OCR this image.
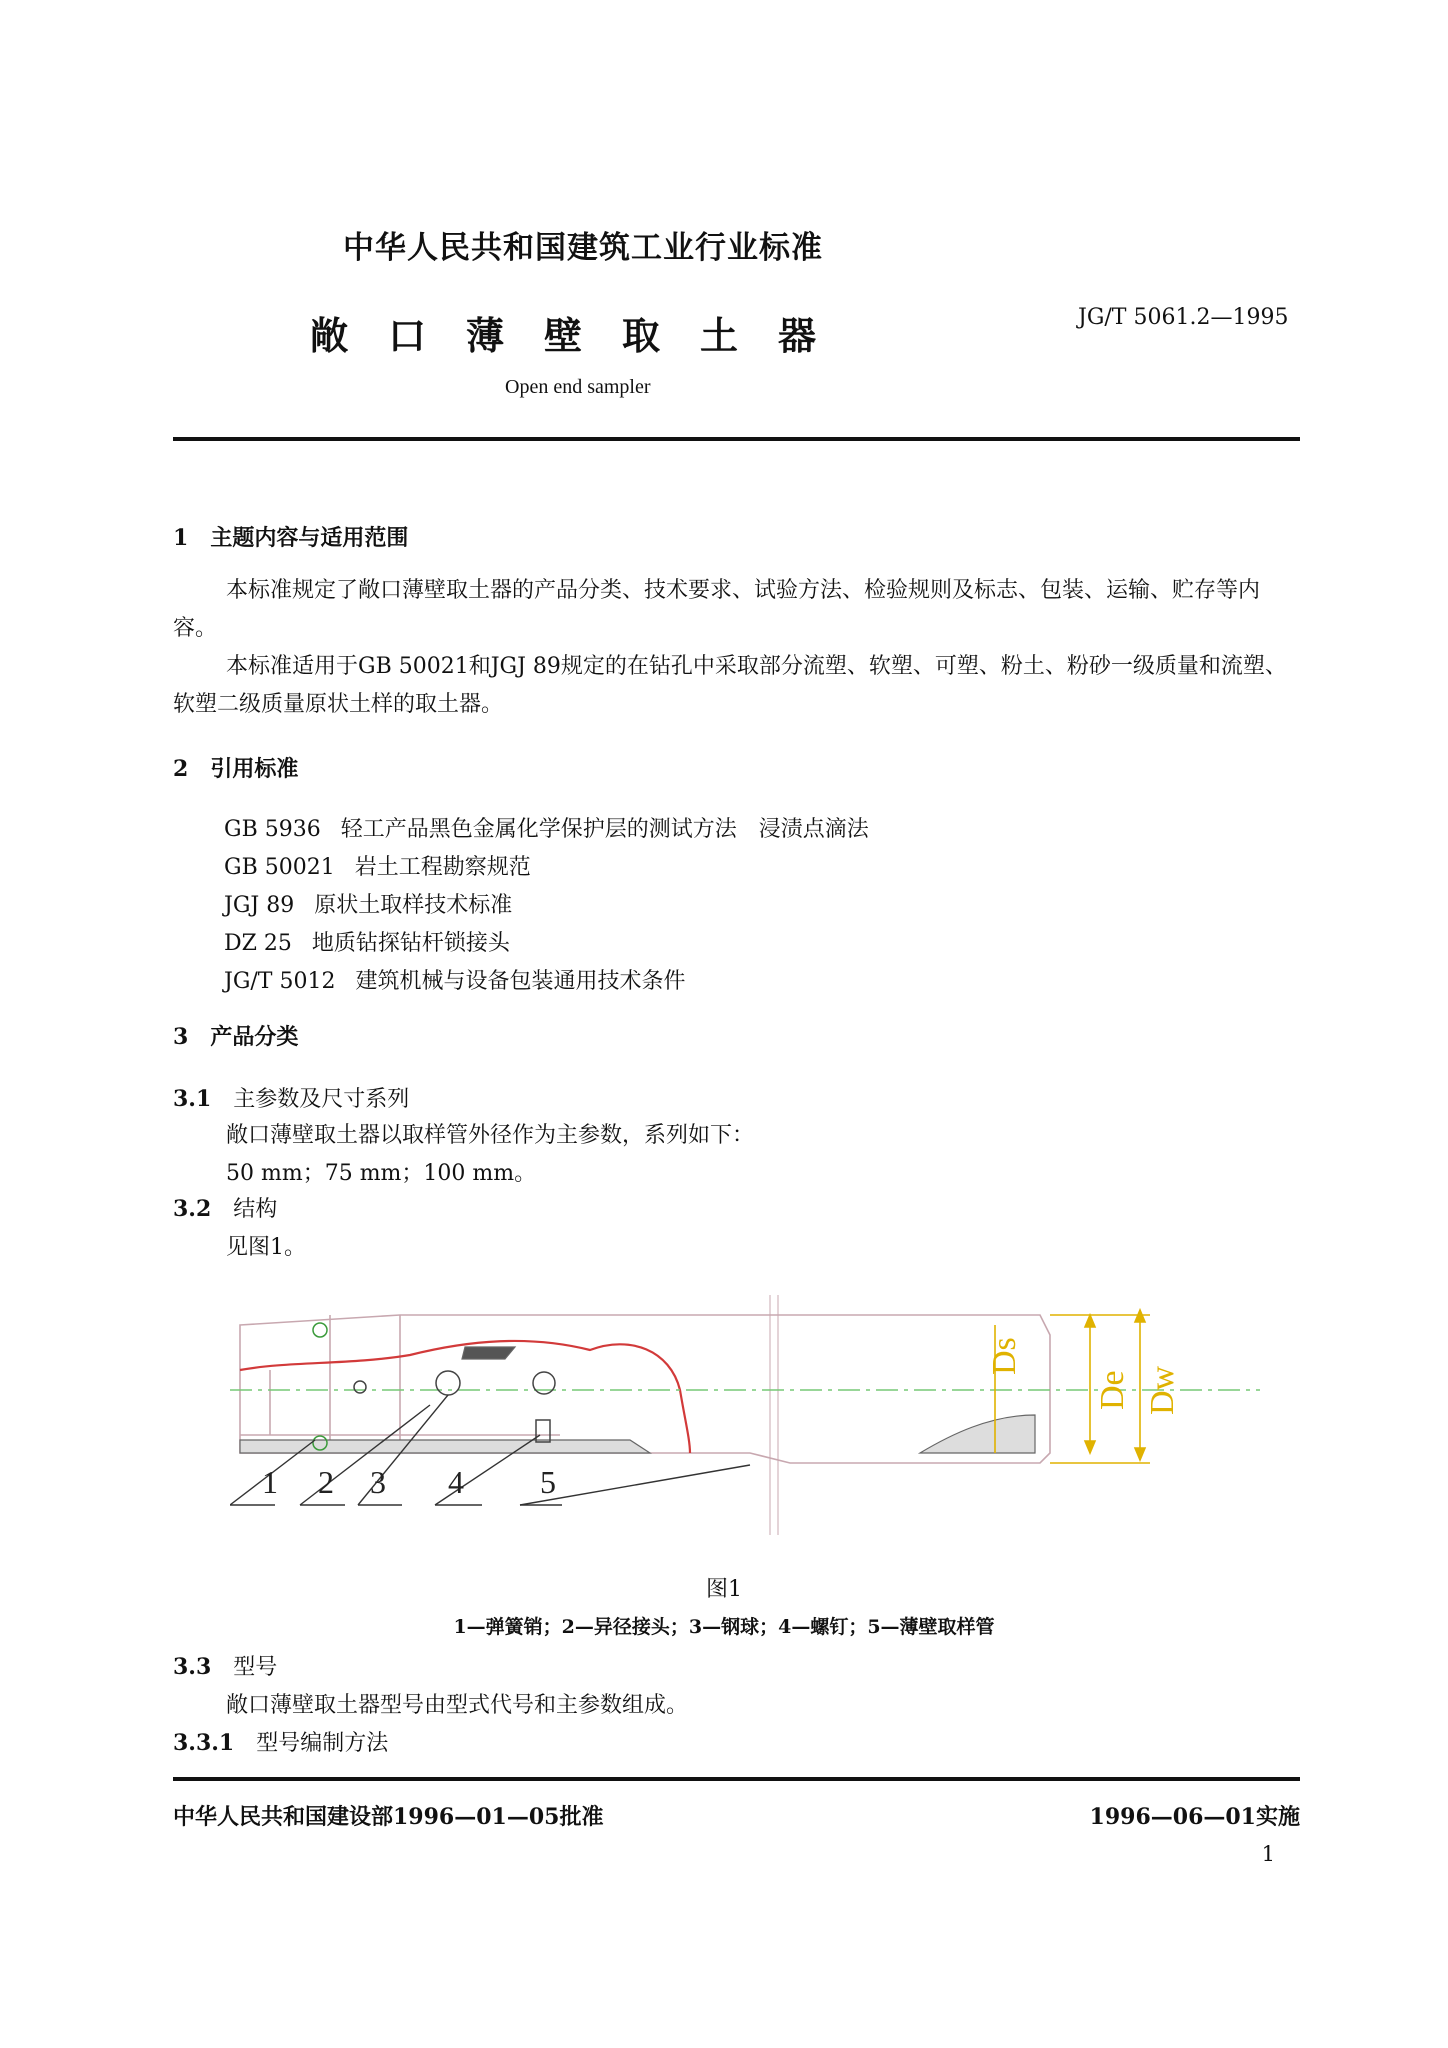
中华人民共和国建筑工业行业标准
敞口薄壁取土器	JG/T 5061.2—1995
Open end sampler
1 主题内容与适用范围
本标准规定了敞口薄壁取土器的产品分类、技术要求、试验方法、检验规则及标志、包装、运输、贮存等内容。
本标准适用于GB 50021和JGJ 89规定的在钻孔中采取部分流塑、软塑、可塑、粉土、粉砂一级质量和流塑、软塑二级质量原状土样的取土器。
2 引用标准
GB 5936 轻工产品黑色金属化学保护层的测试方法　浸渍点滴法
GB 50021 岩土工程勘察规范
JGJ 89 原状土取样技术标准
DZ 25 地质钻探钻杆锁接头
JG/T 5012 建筑机械与设备包装通用技术条件
3 产品分类
3.1 主参数及尺寸系列
敞口薄壁取土器以取样管外径作为主参数，系列如下：
50 mm；75 mm；100 mm。
3.2 结构
见图1。
1 2 3 4 5
Ds
De Dw
图1
1—弹簧销；2—异径接头；3—钢球；4—螺钉；5—薄壁取样管
3.3 型号
敞口薄壁取土器型号由型式代号和主参数组成。
3.3.1 型号编制方法
中华人民共和国建设部1996—01—05批准	1996—06—01实施
1
